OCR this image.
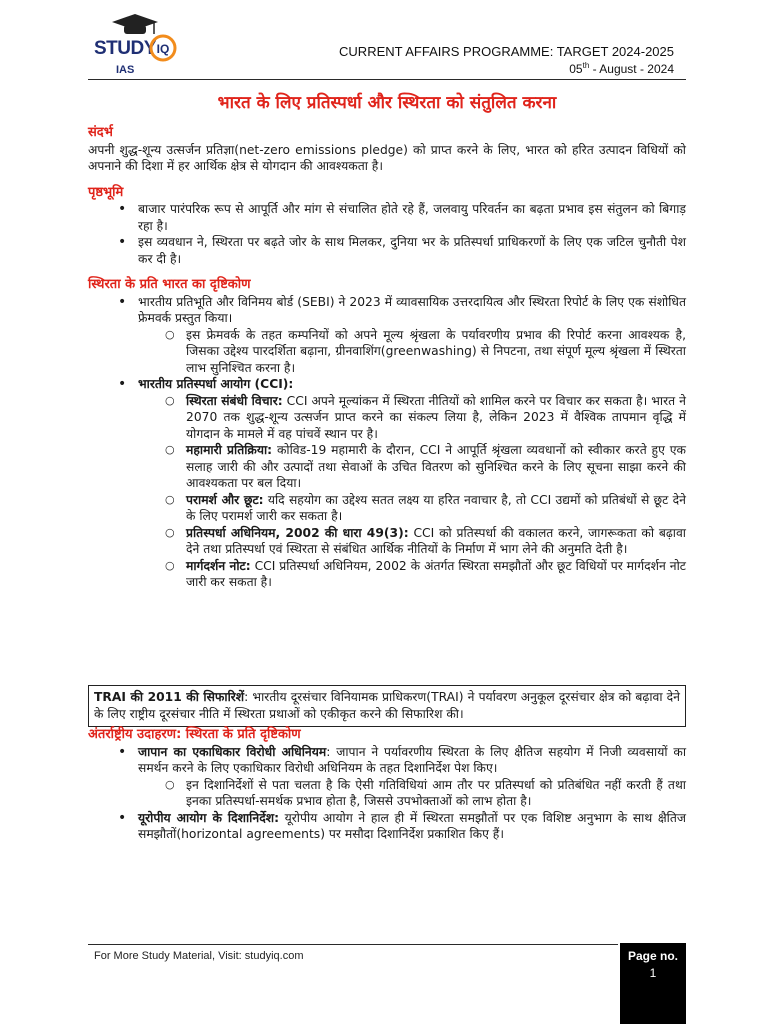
STUDY IQ
IAS
CURRENT AFFAIRS PROGRAMME: TARGET 2024-2025
05th - August - 2024
भारत के लिए प्रतिस्पर्धा और स्थिरता को संतुलित करना

संदर्भ

अपनी शुद्ध-शून्य उत्सर्जन प्रतिज्ञा(net-zero emissions pledge) को प्राप्त करने के लिए, भारत को हरित उत्पादन विधियों को अपनाने की दिशा में हर आर्थिक क्षेत्र से योगदान की आवश्यकता है।

पृष्ठभूमि

• बाजार पारंपरिक रूप से आपूर्ति और मांग से संचालित होते रहे हैं, जलवायु परिवर्तन का बढ़ता प्रभाव इस संतुलन को बिगाड़ रहा है।
• इस व्यवधान ने, स्थिरता पर बढ़ते जोर के साथ मिलकर, दुनिया भर के प्रतिस्पर्धा प्राधिकरणों के लिए एक जटिल चुनौती पेश कर दी है।

स्थिरता के प्रति भारत का दृष्टिकोण

• भारतीय प्रतिभूति और विनिमय बोर्ड (SEBI) ने 2023 में व्यावसायिक उत्तरदायित्व और स्थिरता रिपोर्ट के लिए एक संशोधित फ्रेमवर्क प्रस्तुत किया।
○ इस फ्रेमवर्क के तहत कम्पनियों को अपने मूल्य श्रृंखला के पर्यावरणीय प्रभाव की रिपोर्ट करना आवश्यक है, जिसका उद्देश्य पारदर्शिता बढ़ाना, ग्रीनवाशिंग(greenwashing) से निपटना, तथा संपूर्ण मूल्य श्रृंखला में स्थिरता लाभ सुनिश्चित करना है।
• भारतीय प्रतिस्पर्धा आयोग (CCI):
○ स्थिरता संबंधी विचार: CCI अपने मूल्यांकन में स्थिरता नीतियों को शामिल करने पर विचार कर सकता है। भारत ने 2070 तक शुद्ध-शून्य उत्सर्जन प्राप्त करने का संकल्प लिया है, लेकिन 2023 में वैश्विक तापमान वृद्धि में योगदान के मामले में वह पांचवें स्थान पर है।
○ महामारी प्रतिक्रिया: कोविड-19 महामारी के दौरान, CCI ने आपूर्ति श्रृंखला व्यवधानों को स्वीकार करते हुए एक सलाह जारी की और उत्पादों तथा सेवाओं के उचित वितरण को सुनिश्चित करने के लिए सूचना साझा करने की आवश्यकता पर बल दिया।
○ परामर्श और छूट: यदि सहयोग का उद्देश्य सतत लक्ष्य या हरित नवाचार है, तो CCI उद्यमों को प्रतिबंधों से छूट देने के लिए परामर्श जारी कर सकता है।
○ प्रतिस्पर्धा अधिनियम, 2002 की धारा 49(3): CCI को प्रतिस्पर्धा की वकालत करने, जागरूकता को बढ़ावा देने तथा प्रतिस्पर्धा एवं स्थिरता से संबंधित आर्थिक नीतियों के निर्माण में भाग लेने की अनुमति देती है।
○ मार्गदर्शन नोट: CCI प्रतिस्पर्धा अधिनियम, 2002 के अंतर्गत स्थिरता समझौतों और छूट विधियों पर मार्गदर्शन नोट जारी कर सकता है।
TRAI की 2011 की सिफारिशें: भारतीय दूरसंचार विनियामक प्राधिकरण(TRAI) ने पर्यावरण अनुकूल दूरसंचार क्षेत्र को बढ़ावा देने के लिए राष्ट्रीय दूरसंचार नीति में स्थिरता प्रथाओं को एकीकृत करने की सिफारिश की।

अंतर्राष्ट्रीय उदाहरण: स्थिरता के प्रति दृष्टिकोण

• जापान का एकाधिकार विरोधी अधिनियम: जापान ने पर्यावरणीय स्थिरता के लिए क्षैतिज सहयोग में निजी व्यवसायों का समर्थन करने के लिए एकाधिकार विरोधी अधिनियम के तहत दिशानिर्देश पेश किए।
○ इन दिशानिर्देशों से पता चलता है कि ऐसी गतिविधियां आम तौर पर प्रतिस्पर्धा को प्रतिबंधित नहीं करती हैं तथा इनका प्रतिस्पर्धा-समर्थक प्रभाव होता है, जिससे उपभोक्ताओं को लाभ होता है।
• यूरोपीय आयोग के दिशानिर्देश: यूरोपीय आयोग ने हाल ही में स्थिरता समझौतों पर एक विशिष्ट अनुभाग के साथ क्षैतिज समझौतों(horizontal agreements) पर मसौदा दिशानिर्देश प्रकाशित किए हैं।
For More Study Material, Visit: studyiq.com	Page no.
1
